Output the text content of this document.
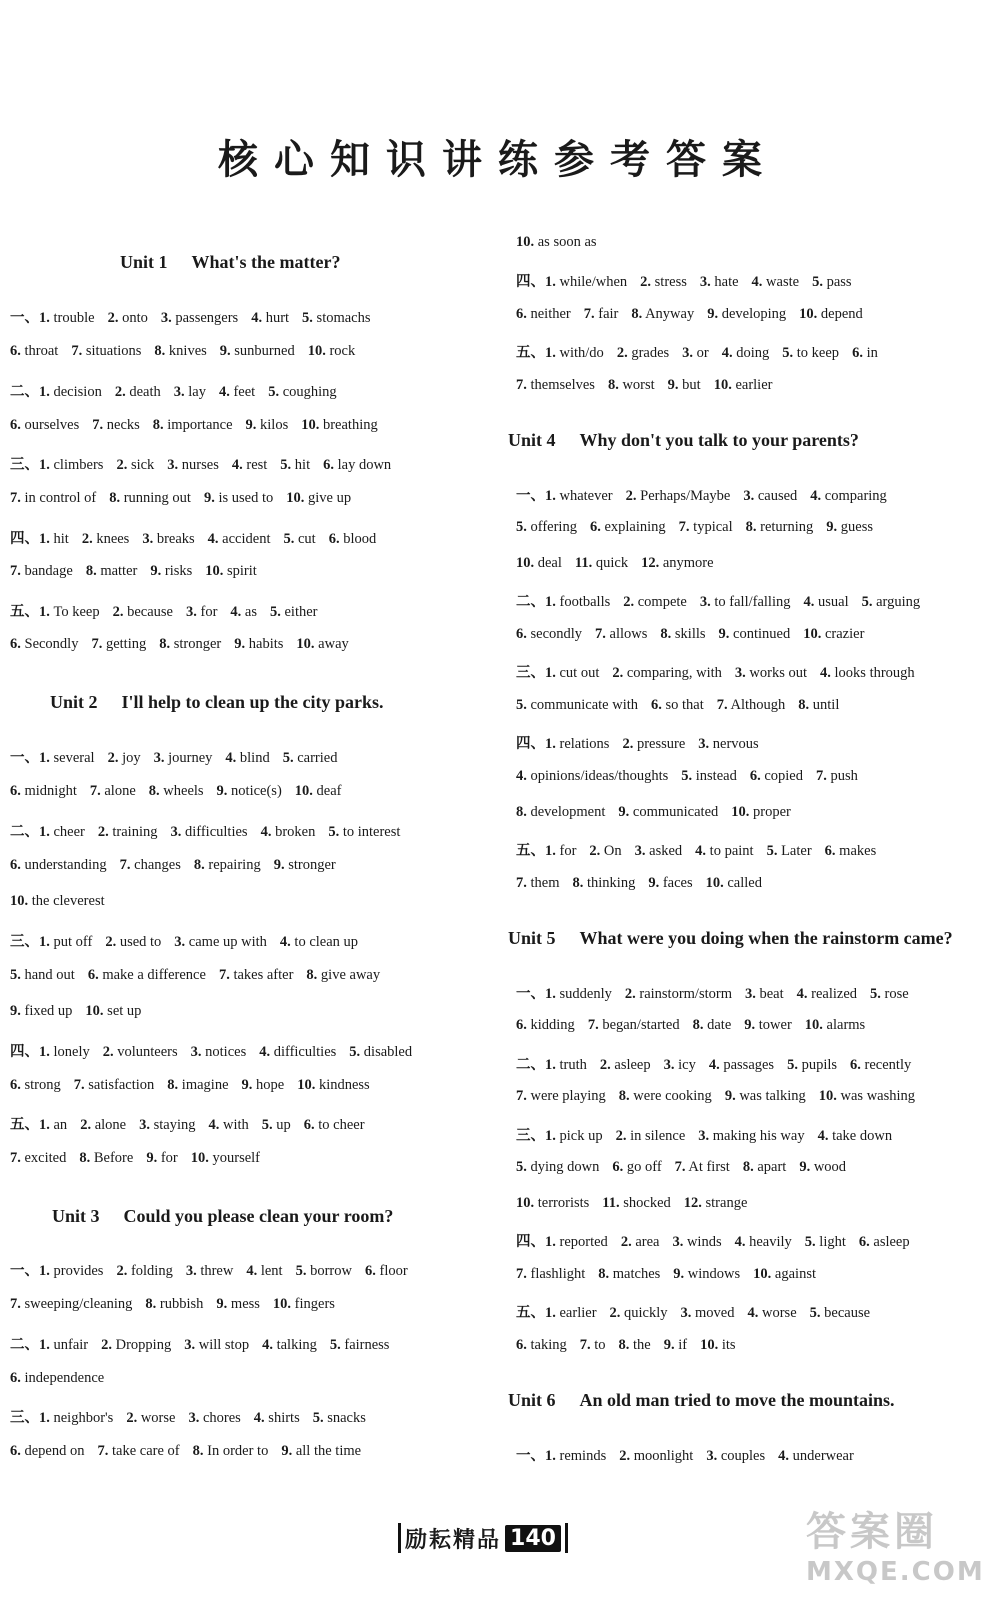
核心知识讲练参考答案
Unit 1 What's the matter?
一、1. trouble 2. onto 3. passengers 4. hurt 5. stomachs
6. throat 7. situations 8. knives 9. sunburned 10. rock
二、1. decision 2. death 3. lay 4. feet 5. coughing
6. ourselves 7. necks 8. importance 9. kilos 10. breathing
三、1. climbers 2. sick 3. nurses 4. rest 5. hit 6. lay down
7. in control of 8. running out 9. is used to 10. give up
四、1. hit 2. knees 3. breaks 4. accident 5. cut 6. blood
7. bandage 8. matter 9. risks 10. spirit
五、1. To keep 2. because 3. for 4. as 5. either
6. Secondly 7. getting 8. stronger 9. habits 10. away
Unit 2 I'll help to clean up the city parks.
一、1. several 2. joy 3. journey 4. blind 5. carried
6. midnight 7. alone 8. wheels 9. notice(s) 10. deaf
二、1. cheer 2. training 3. difficulties 4. broken 5. to interest
6. understanding 7. changes 8. repairing 9. stronger
10. the cleverest
三、1. put off 2. used to 3. came up with 4. to clean up
5. hand out 6. make a difference 7. takes after 8. give away
9. fixed up 10. set up
四、1. lonely 2. volunteers 3. notices 4. difficulties 5. disabled
6. strong 7. satisfaction 8. imagine 9. hope 10. kindness
五、1. an 2. alone 3. staying 4. with 5. up 6. to cheer
7. excited 8. Before 9. for 10. yourself
Unit 3 Could you please clean your room?
一、1. provides 2. folding 3. threw 4. lent 5. borrow 6. floor
7. sweeping/cleaning 8. rubbish 9. mess 10. fingers
二、1. unfair 2. Dropping 3. will stop 4. talking 5. fairness
6. independence
三、1. neighbor's 2. worse 3. chores 4. shirts 5. snacks
6. depend on 7. take care of 8. In order to 9. all the time
10. as soon as
四、1. while/when 2. stress 3. hate 4. waste 5. pass
6. neither 7. fair 8. Anyway 9. developing 10. depend
五、1. with/do 2. grades 3. or 4. doing 5. to keep 6. in
7. themselves 8. worst 9. but 10. earlier
Unit 4 Why don't you talk to your parents?
一、1. whatever 2. Perhaps/Maybe 3. caused 4. comparing
5. offering 6. explaining 7. typical 8. returning 9. guess
10. deal 11. quick 12. anymore
二、1. footballs 2. compete 3. to fall/falling 4. usual 5. arguing
6. secondly 7. allows 8. skills 9. continued 10. crazier
三、1. cut out 2. comparing, with 3. works out 4. looks through
5. communicate with 6. so that 7. Although 8. until
四、1. relations 2. pressure 3. nervous
4. opinions/ideas/thoughts 5. instead 6. copied 7. push
8. development 9. communicated 10. proper
五、1. for 2. On 3. asked 4. to paint 5. Later 6. makes
7. them 8. thinking 9. faces 10. called
Unit 5 What were you doing when the rainstorm came?
一、1. suddenly 2. rainstorm/storm 3. beat 4. realized 5. rose
6. kidding 7. began/started 8. date 9. tower 10. alarms
二、1. truth 2. asleep 3. icy 4. passages 5. pupils 6. recently
7. were playing 8. were cooking 9. was talking 10. was washing
三、1. pick up 2. in silence 3. making his way 4. take down
5. dying down 6. go off 7. At first 8. apart 9. wood
10. terrorists 11. shocked 12. strange
四、1. reported 2. area 3. winds 4. heavily 5. light 6. asleep
7. flashlight 8. matches 9. windows 10. against
五、1. earlier 2. quickly 3. moved 4. worse 5. because
6. taking 7. to 8. the 9. if 10. its
Unit 6 An old man tried to move the mountains.
一、1. reminds 2. moonlight 3. couples 4. underwear
励耘精品 140	答案圈
MXQE.COM
